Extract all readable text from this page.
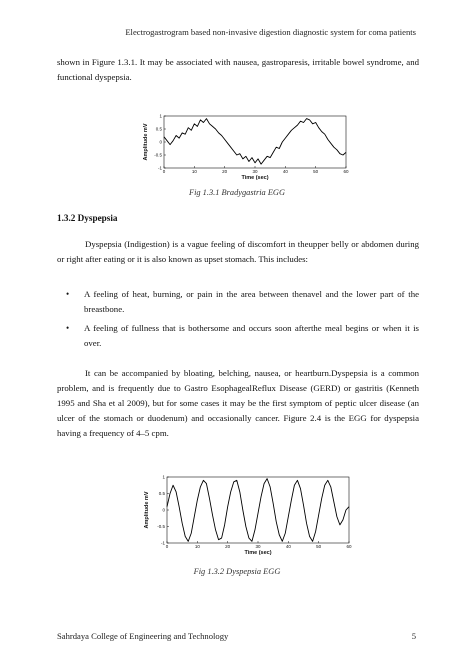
Electrogastrogram based non-invasive digestion diagnostic system for coma patients

shown in Figure 1.3.1. It may be associated with nausea, gastroparesis, irritable bowel syndrome, and functional dyspepsia.

0	10	20	30	40	50	60
1
0.5
0
-0.5
-1
Time (sec)
Amplitude mV
Fig 1.3.1 Bradygastria EGG
1.3.2 Dyspepsia

Dyspepsia (Indigestion) is a vague feeling of discomfort in theupper belly or abdomen during or right after eating or it is also known as upset stomach. This includes:

• A feeling of heat, burning, or pain in the area between thenavel and the lower part of the breastbone.
• A feeling of fullness that is bothersome and occurs soon afterthe meal begins or when it is over.

It can be accompanied by bloating, belching, nausea, or heartburn.Dyspepsia is a common problem, and is frequently due to Gastro EsophagealReflux Disease (GERD) or gastritis (Kenneth 1995 and Sha et al 2009), but for some cases it may be the first symptom of peptic ulcer disease (an ulcer of the stomach or duodenum) and occasionally cancer. Figure 2.4 is the EGG for dyspepsia having a frequency of 4–5 cpm.

0	10	20	30	40	50	60
1
0.5
0
-0.5
-1
Time (sec)
Amplitude mV
Fig 1.3.2 Dyspepsia EGG
Sahrdaya College of Engineering and Technology	5
